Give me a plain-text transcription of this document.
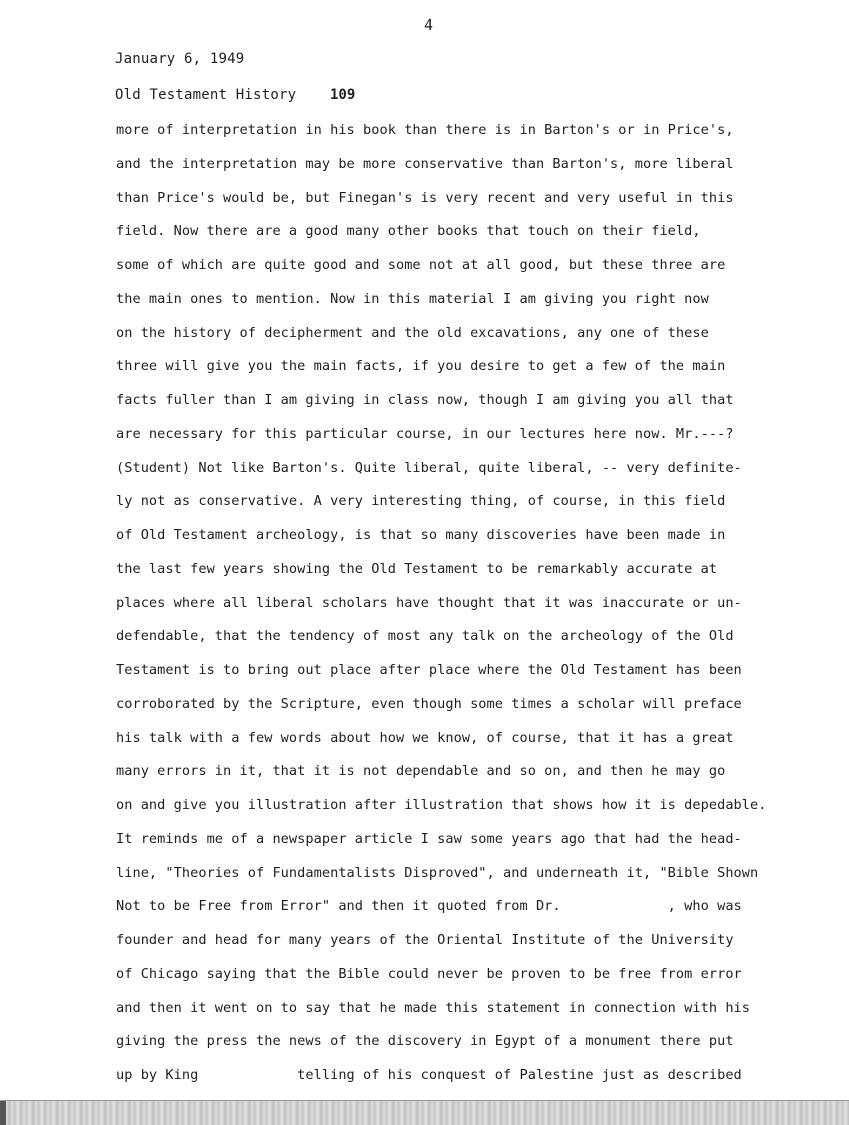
4
January 6, 1949
Old Testament History 109
more of interpretation in his book than there is in Barton's or in Price's,
and the interpretation may be more conservative than Barton's, more liberal
than Price's would be, but Finegan's is very recent and very useful in this
field. Now there are a good many other books that touch on their field,
some of which are quite good and some not at all good, but these three are
the main ones to mention. Now in this material I am giving you right now
on the history of decipherment and the old excavations, any one of these
three will give you the main facts, if you desire to get a few of the main
facts fuller than I am giving in class now, though I am giving you all that
are necessary for this particular course, in our lectures here now. Mr.---?
(Student) Not like Barton's. Quite liberal, quite liberal, -- very definite-
ly not as conservative. A very interesting thing, of course, in this field
of Old Testament archeology, is that so many discoveries have been made in
the last few years showing the Old Testament to be remarkably accurate at
places where all liberal scholars have thought that it was inaccurate or un-
defendable, that the tendency of most any talk on the archeology of the Old
Testament is to bring out place after place where the Old Testament has been
corroborated by the Scripture, even though some times a scholar will preface
his talk with a few words about how we know, of course, that it has a great
many errors in it, that it is not dependable and so on, and then he may go
on and give you illustration after illustration that shows how it is depedable.
It reminds me of a newspaper article I saw some years ago that had the head-
line, "Theories of Fundamentalists Disproved", and underneath it, "Bible Shown
Not to be Free from Error" and then it quoted from Dr.             , who was
founder and head for many years of the Oriental Institute of the University
of Chicago saying that the Bible could never be proven to be free from error
and then it went on to say that he made this statement in connection with his
giving the press the news of the discovery in Egypt of a monument there put
up by King            telling of his conquest of Palestine just as described
